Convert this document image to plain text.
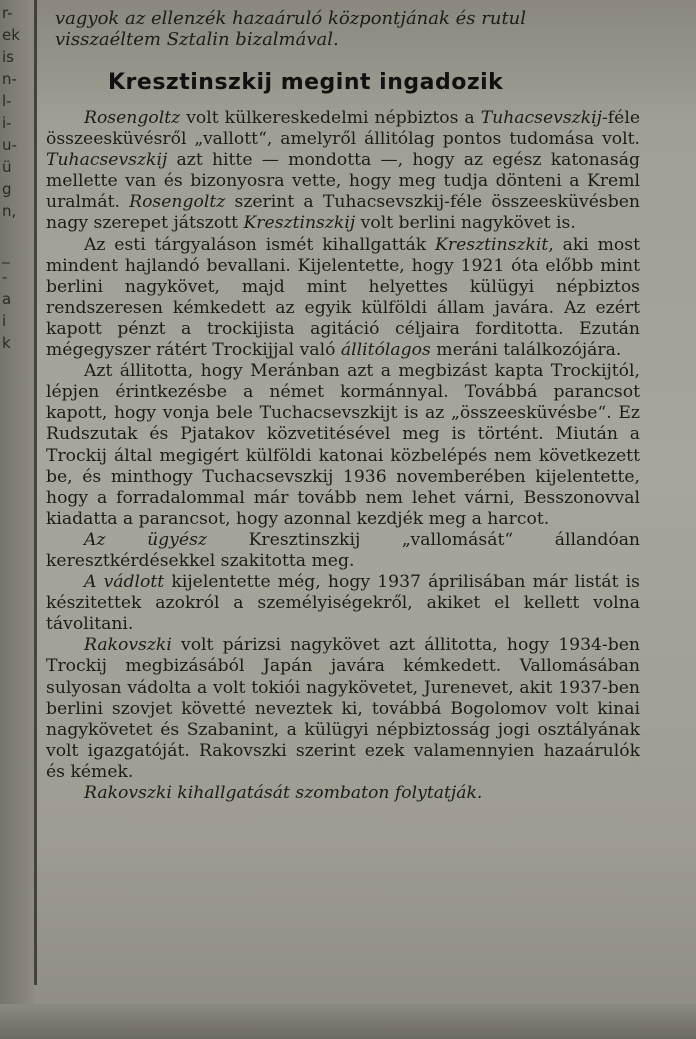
r-
ek
is
n-
l-
i-
u-
ü
g
n,
_
-
a
i
k
vagyok az ellenzék hazaáruló központjának és rutul
visszaéltem Sztalin bizalmával.
Kresztinszkij megint ingadozik

Rosengoltz volt külkereskedelmi népbiztos a Tuhacsevszkij-féle összeesküvésről „vallott“, amelyről állitólag pontos tudomása volt. Tuhacsevszkij azt hitte — mondotta —, hogy az egész katonaság mellette van és bizonyosra vette, hogy meg tudja dönteni a Kreml uralmát. Rosengoltz szerint a Tuhacsevszkij-féle összeesküvésben nagy szerepet játszott Kresztinszkij volt berlini nagykövet is.

Az esti tárgyaláson ismét kihallgatták Kresztinszkit, aki most mindent hajlandó bevallani. Kijelentette, hogy 1921 óta előbb mint berlini nagykövet, majd mint helyettes külügyi népbiztos rendszeresen kémkedett az egyik külföldi állam javára. Az ezért kapott pénzt a trockijista agitáció céljaira forditotta. Ezután mégegyszer rátért Trockijjal való állitólagos meráni találkozójára.

Azt állitotta, hogy Meránban azt a megbizást kapta Trockijtól, lépjen érintkezésbe a német kormánnyal. Továbbá parancsot kapott, hogy vonja bele Tuchacsevszkijt is az „összeesküvésbe“. Ez Rudszutak és Pjatakov közvetitésével meg is történt. Miután a Trockij által megigért külföldi katonai közbelépés nem következett be, és minthogy Tuchacsevszkij 1936 novemberében kijelentette, hogy a forradalommal már tovább nem lehet várni, Besszonovval kiadatta a parancsot, hogy azonnal kezdjék meg a harcot.

Az ügyész Kresztinszkij „vallomását“ állandóan keresztkérdésekkel szakitotta meg.

A vádlott kijelentette még, hogy 1937 áprilisában már listát is készitettek azokról a személyiségekről, akiket el kellett volna távolitani.

Rakovszki volt párizsi nagykövet azt állitotta, hogy 1934-ben Trockij megbizásából Japán javára kémkedett. Vallomásában sulyosan vádolta a volt tokiói nagykövetet, Jurenevet, akit 1937-ben berlini szovjet követté neveztek ki, továbbá Bogolomov volt kinai nagykövetet és Szabanint, a külügyi népbiztosság jogi osztályának volt igazgatóját. Rakovszki szerint ezek valamennyien hazaárulók és kémek.

Rakovszki kihallgatását szombaton folytatják.
